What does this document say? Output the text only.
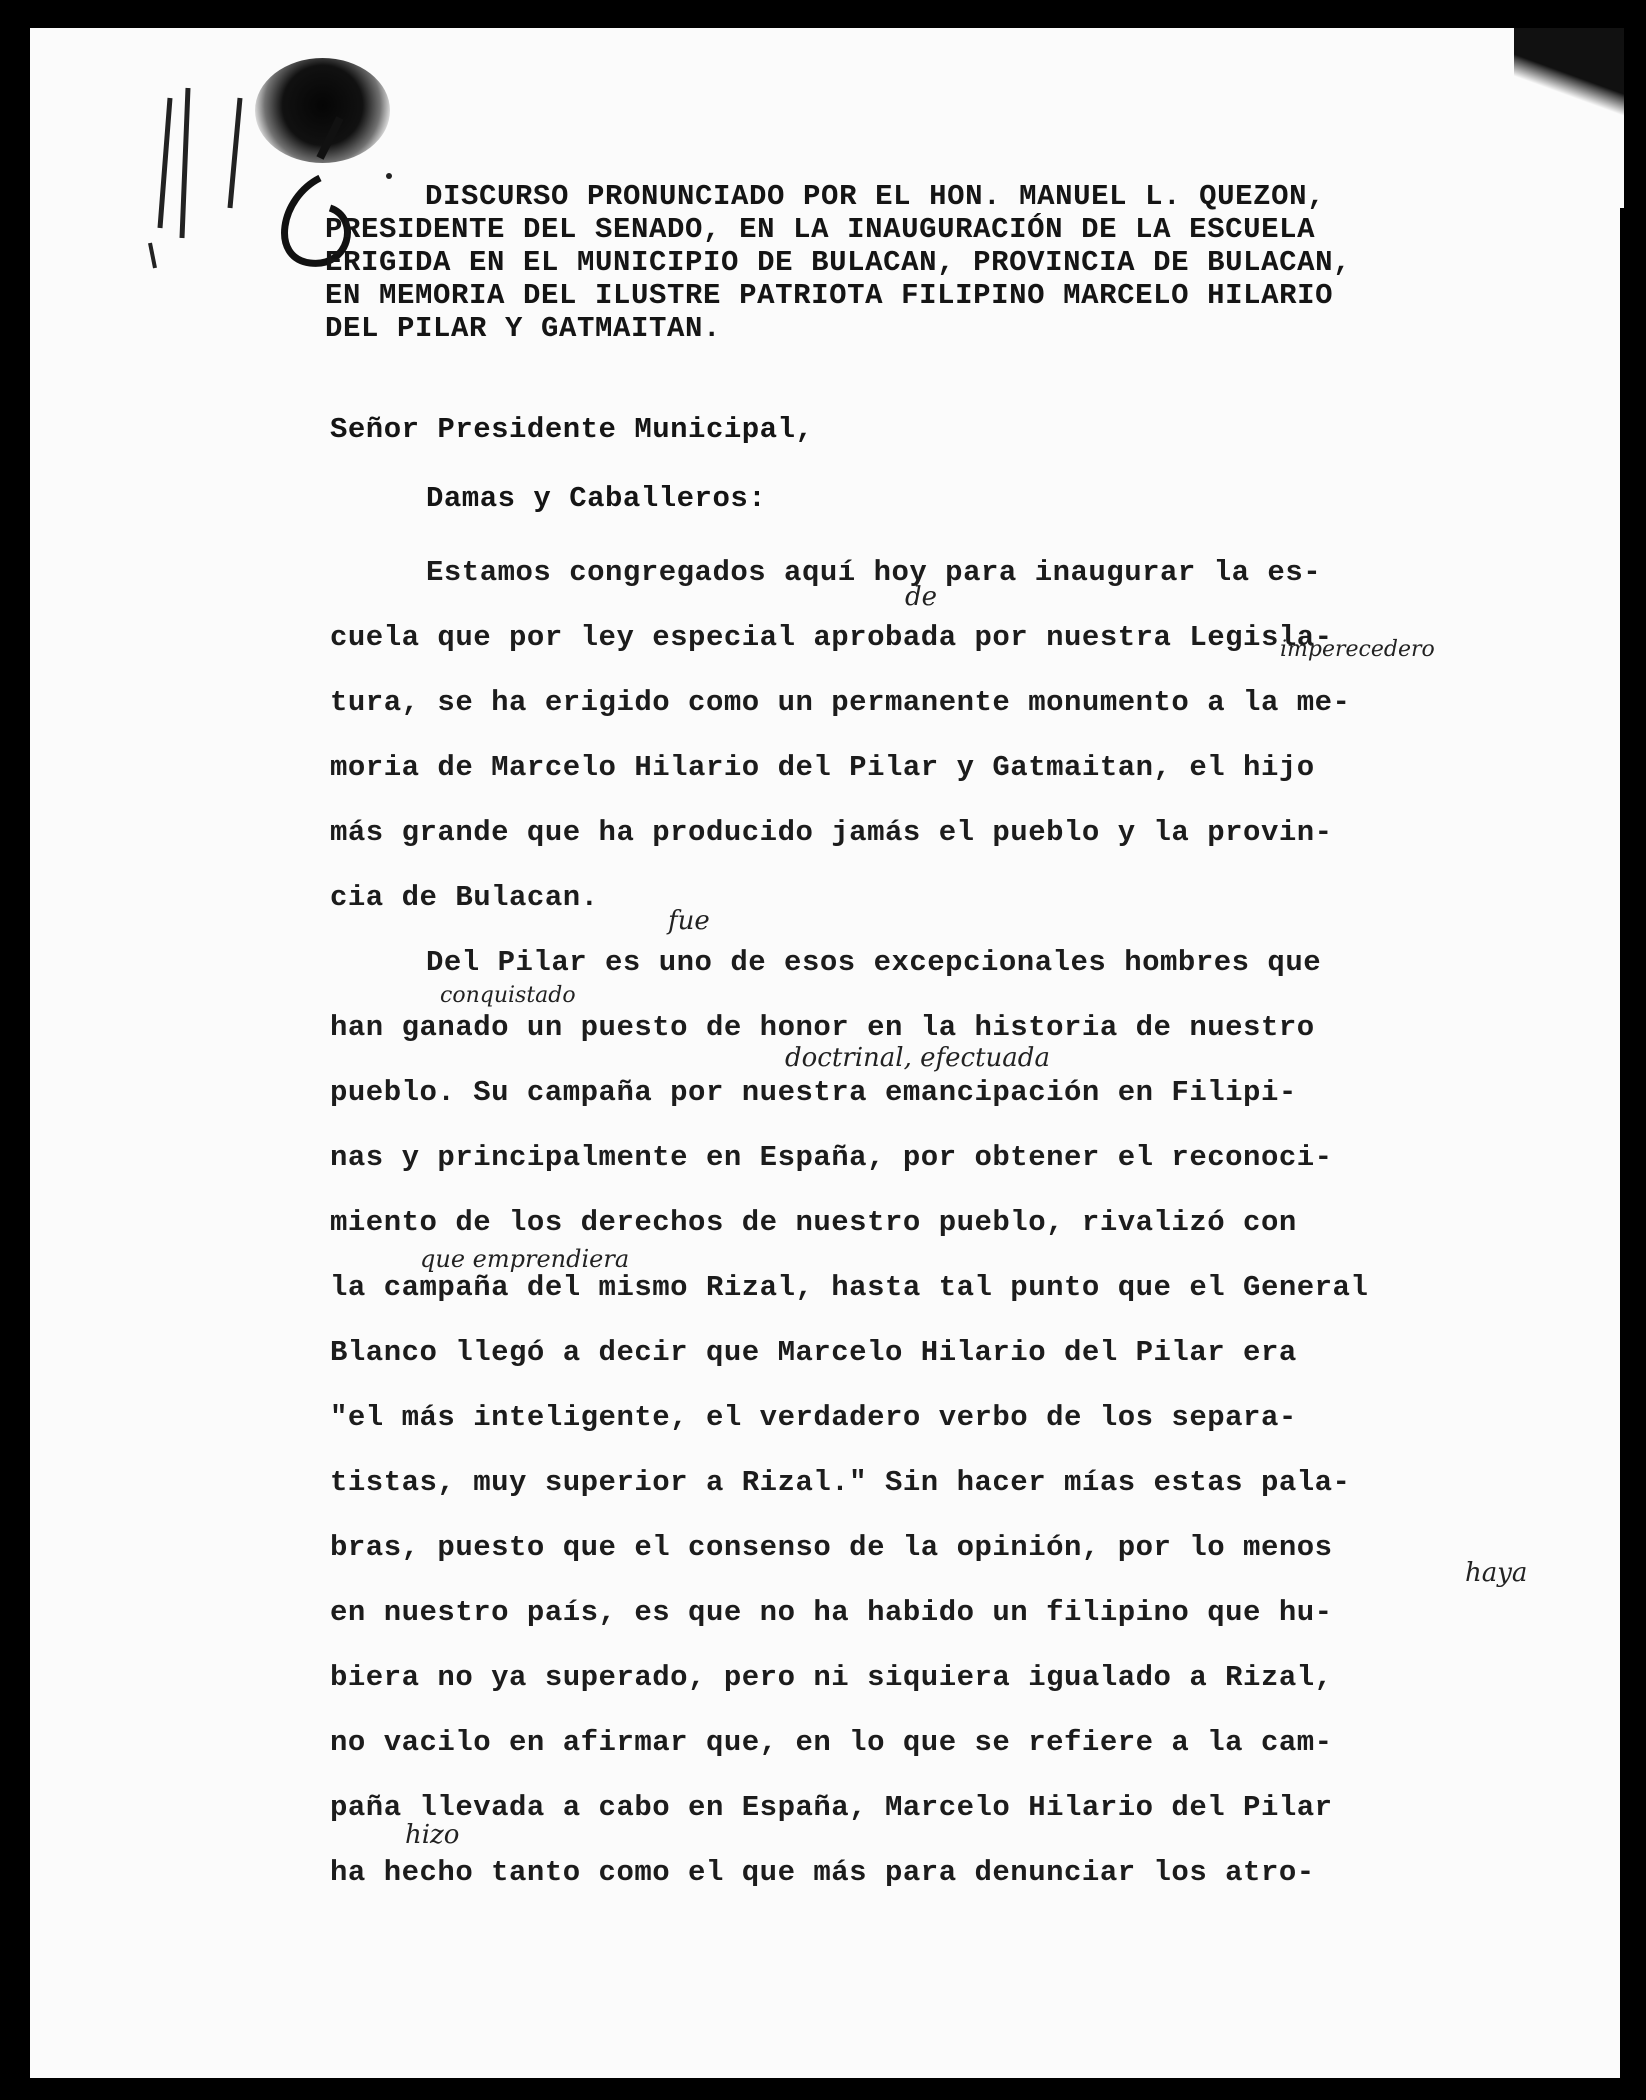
DISCURSO PRONUNCIADO POR EL HON. MANUEL L. QUEZON,
PRESIDENTE DEL SENADO, EN LA INAUGURACIÓN DE LA ESCUELA
ERIGIDA EN EL MUNICIPIO DE BULACAN, PROVINCIA DE BULACAN,
EN MEMORIA DEL ILUSTRE PATRIOTA FILIPINO MARCELO HILARIO
DEL PILAR Y GATMAITAN.
Señor Presidente Municipal,
Damas y Caballeros:
Estamos congregados aquí hoy para inaugurar la es-
cuela que por ley especial aprobada por nuestra Legisla-
tura, se ha erigido como un permanente monumento a la me-
moria de Marcelo Hilario del Pilar y Gatmaitan, el hijo
más grande que ha producido jamás el pueblo y la provin-
cia de Bulacan.
Del Pilar es uno de esos excepcionales hombres que
han ganado un puesto de honor en la historia de nuestro
pueblo. Su campaña por nuestra emancipación en Filipi-
nas y principalmente en España, por obtener el reconoci-
miento de los derechos de nuestro pueblo, rivalizó con
la campaña del mismo Rizal, hasta tal punto que el General
Blanco llegó a decir que Marcelo Hilario del Pilar era
"el más inteligente, el verdadero verbo de los separa-
tistas, muy superior a Rizal." Sin hacer mías estas pala-
bras, puesto que el consenso de la opinión, por lo menos
en nuestro país, es que no ha habido un filipino que hu-
biera no ya superado, pero ni siquiera igualado a Rizal,
no vacilo en afirmar que, en lo que se refiere a la cam-
paña llevada a cabo en España, Marcelo Hilario del Pilar
ha hecho tanto como el que más para denunciar los atro-
de
imperecedero
fue
conquistado
doctrinal, efectuada
que emprendiera
haya
hizo
